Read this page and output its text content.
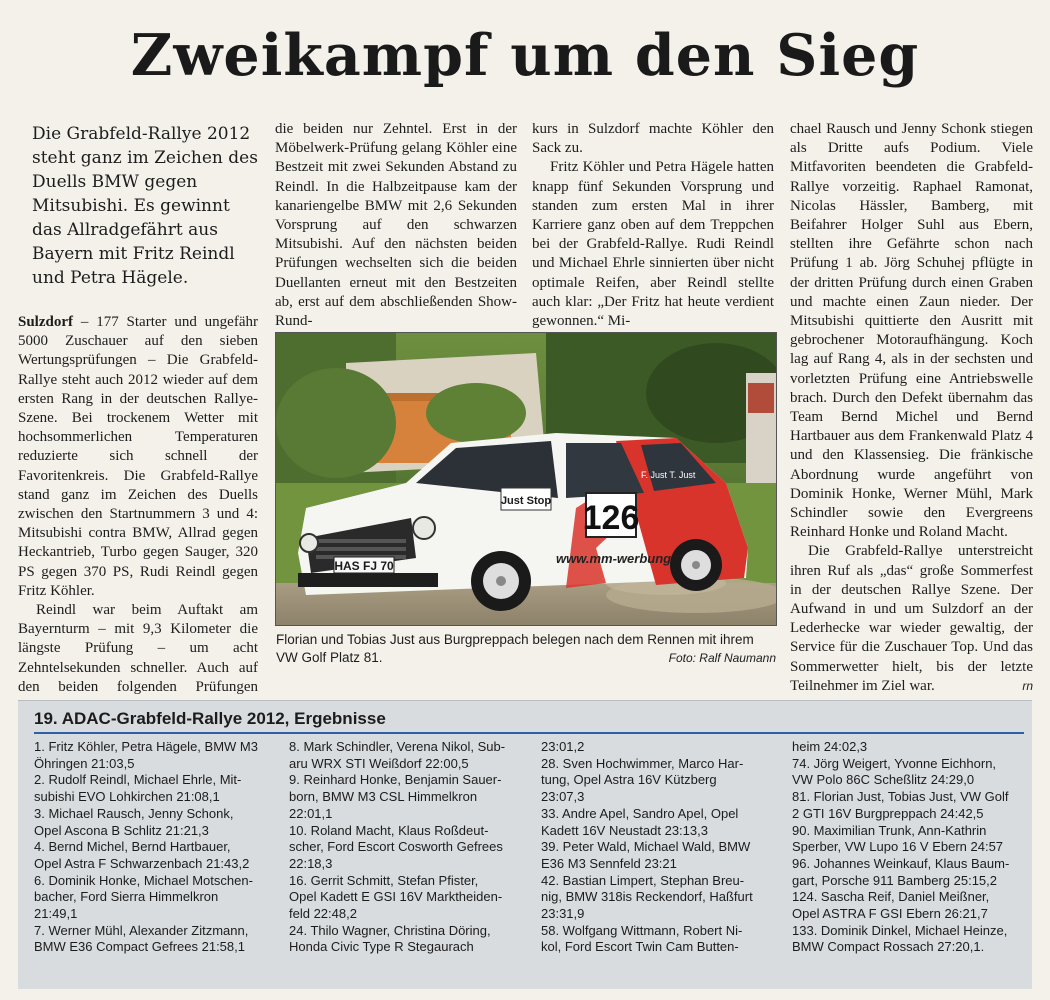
Zweikampf um den Sieg

Die Grabfeld-Rallye 2012 steht ganz im Zeichen des Duells BMW gegen Mitsubishi. Es gewinnt das Allradgefährt aus Bayern mit Fritz Reindl und Petra Hägele.

Sulzdorf – 177 Starter und ungefähr 5000 Zuschauer auf den sieben Wertungsprüfungen – Die Grabfeld-Rallye steht auch 2012 wieder auf dem ersten Rang in der deutschen Rallye-Szene. Bei trockenem Wetter mit hochsommerlichen Temperaturen reduzierte sich schnell der Favoritenkreis. Die Grabfeld-Rallye stand ganz im Zeichen des Duells zwischen den Startnummern 3 und 4: Mitsubishi contra BMW, Allrad gegen Heckantrieb, Turbo gegen Sauger, 320 PS gegen 370 PS, Rudi Reindl gegen Fritz Köhler.

Reindl war beim Auftakt am Bayernturm – mit 9,3 Kilometer die längste Prüfung – um acht Zehntelsekunden schneller. Auch auf den beiden folgenden Prüfungen

die beiden nur Zehntel. Erst in der Möbelwerk-Prüfung gelang Köhler eine Bestzeit mit zwei Sekunden Abstand zu Reindl. In die Halbzeitpause kam der kanariengelbe BMW mit 2,6 Sekunden Vorsprung auf den schwarzen Mitsubishi. Auf den nächsten beiden Prüfungen wechselten sich die beiden Duellanten erneut mit den Bestzeiten ab, erst auf dem abschließenden Show-Rund-

kurs in Sulzdorf machte Köhler den Sack zu.

Fritz Köhler und Petra Hägele hatten knapp fünf Sekunden Vorsprung und standen zum ersten Mal in ihrer Karriere ganz oben auf dem Treppchen bei der Grabfeld-Rallye. Rudi Reindl und Michael Ehrle sinnierten über nicht optimale Reifen, aber Reindl stellte auch klar: „Der Fritz hat heute verdient gewonnen.“ Mi-

chael Rausch und Jenny Schonk stiegen als Dritte aufs Podium. Viele Mitfavoriten beendeten die Grabfeld-Rallye vorzeitig. Raphael Ramonat, Nicolas Hässler, Bamberg, mit Beifahrer Holger Suhl aus Ebern, stellten ihre Gefährte schon nach Prüfung 1 ab. Jörg Schuhej pflügte in der dritten Prüfung durch einen Graben und machte einen Zaun nieder. Der Mitsubishi quittierte den Ausritt mit gebrochener Motoraufhängung. Koch lag auf Rang 4, als in der sechsten und vorletzten Prüfung eine Antriebswelle brach. Durch den Defekt übernahm das Team Bernd Michel und Bernd Hartbauer aus dem Frankenwald Platz 4 und den Klassensieg. Die fränkische Abordnung wurde angeführt von Dominik Honke, Werner Mühl, Mark Schindler sowie den Evergreens Reinhard Honke und Roland Macht.

Die Grabfeld-Rallye unterstreicht ihren Ruf als „das“ große Sommerfest in der deutschen Rallye Szene. Der Aufwand in und um Sulzdorf an der Lederhecke war wieder gewaltig, der Service für die Zuschauer Top. Und das Sommerwetter hielt, bis der letzte Teilnehmer im Ziel war.	rn

HAS FJ 70
Just Stop 126
www.mm-werbung
F. Just T. Just
Florian und Tobias Just aus Burgpreppach belegen nach dem Rennen mit ihrem VW Golf Platz 81.	Foto: Ralf Naumann
19. ADAC-Grabfeld-Rallye 2012, Ergebnisse
1. Fritz Köhler, Petra Hägele, BMW M3
Öhringen 21:03,5
2. Rudolf Reindl, Michael Ehrle, Mit-
subishi EVO Lohkirchen 21:08,1
3. Michael Rausch, Jenny Schonk,
Opel Ascona B Schlitz 21:21,3
4. Bernd Michel, Bernd Hartbauer,
Opel Astra F Schwarzenbach 21:43,2
6. Dominik Honke, Michael Motschen-
bacher, Ford Sierra Himmelkron
21:49,1
7. Werner Mühl, Alexander Zitzmann,
BMW E36 Compact Gefrees 21:58,1
8. Mark Schindler, Verena Nikol, Sub-
aru WRX STI Weißdorf 22:00,5
9. Reinhard Honke, Benjamin Sauer-
born, BMW M3 CSL Himmelkron
22:01,1
10. Roland Macht, Klaus Roßdeut-
scher, Ford Escort Cosworth Gefrees
22:18,3
16. Gerrit Schmitt, Stefan Pfister,
Opel Kadett E GSI 16V Marktheiden-
feld 22:48,2
24. Thilo Wagner, Christina Döring,
Honda Civic Type R Stegaurach
23:01,2
28. Sven Hochwimmer, Marco Har-
tung, Opel Astra 16V Kützberg
23:07,3
33. Andre Apel, Sandro Apel, Opel
Kadett 16V Neustadt 23:13,3
39. Peter Wald, Michael Wald, BMW
E36 M3 Sennfeld 23:21
42. Bastian Limpert, Stephan Breu-
nig, BMW 318is Reckendorf, Haßfurt
23:31,9
58. Wolfgang Wittmann, Robert Ni-
kol, Ford Escort Twin Cam Butten-
heim 24:02,3
74. Jörg Weigert, Yvonne Eichhorn,
VW Polo 86C Scheßlitz 24:29,0
81. Florian Just, Tobias Just, VW Golf
2 GTI 16V Burgpreppach 24:42,5
90. Maximilian Trunk, Ann-Kathrin
Sperber, VW Lupo 16 V Ebern 24:57
96. Johannes Weinkauf, Klaus Baum-
gart, Porsche 911 Bamberg 25:15,2
124. Sascha Reif, Daniel Meißner,
Opel ASTRA F GSI Ebern 26:21,7
133. Dominik Dinkel, Michael Heinze,
BMW Compact Rossach 27:20,1.
